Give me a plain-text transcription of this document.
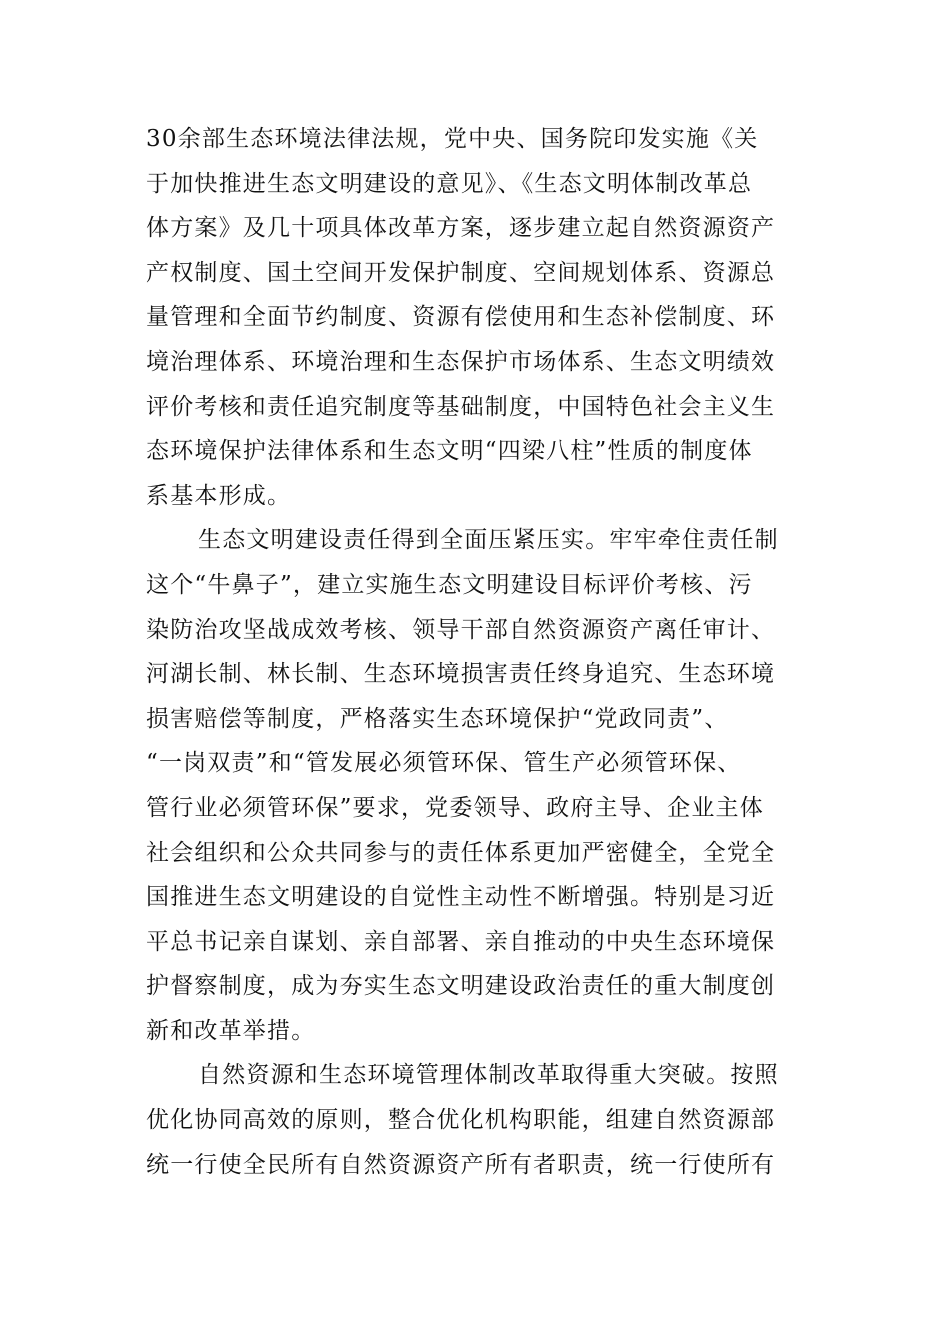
30余部生态环境法律法规，党中央、国务院印发实施《关
于加快推进生态文明建设的意见》、《生态文明体制改革总
体方案》及几十项具体改革方案，逐步建立起自然资源资产
产权制度、国土空间开发保护制度、空间规划体系、资源总
量管理和全面节约制度、资源有偿使用和生态补偿制度、环
境治理体系、环境治理和生态保护市场体系、生态文明绩效
评价考核和责任追究制度等基础制度，中国特色社会主义生
态环境保护法律体系和生态文明“四梁八柱”性质的制度体
系基本形成。
生态文明建设责任得到全面压紧压实。牢牢牵住责任制
这个“牛鼻子”，建立实施生态文明建设目标评价考核、污
染防治攻坚战成效考核、领导干部自然资源资产离任审计、
河湖长制、林长制、生态环境损害责任终身追究、生态环境
损害赔偿等制度，严格落实生态环境保护“党政同责”、
“一岗双责”和“管发展必须管环保、管生产必须管环保、
管行业必须管环保”要求，党委领导、政府主导、企业主体
社会组织和公众共同参与的责任体系更加严密健全，全党全
国推进生态文明建设的自觉性主动性不断增强。特别是习近
平总书记亲自谋划、亲自部署、亲自推动的中央生态环境保
护督察制度，成为夯实生态文明建设政治责任的重大制度创
新和改革举措。
自然资源和生态环境管理体制改革取得重大突破。按照
优化协同高效的原则，整合优化机构职能，组建自然资源部
统一行使全民所有自然资源资产所有者职责，统一行使所有
